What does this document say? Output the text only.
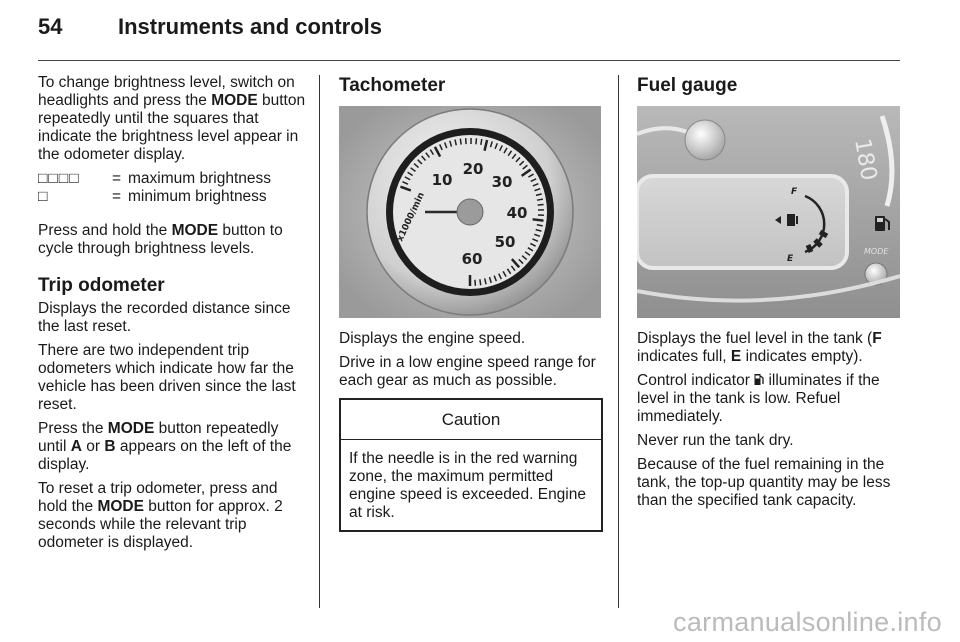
54	Instruments and controls

To change brightness level, switch on headlights and press the MODE button repeatedly until the squares that indicate the brightness level appear in the odometer display.

□□□□	= maximum brightness
□	= minimum brightness

Press and hold the MODE button to cycle through brightness levels.

Trip odometer

Displays the recorded distance since the last reset.

There are two independent trip odometers which indicate how far the vehicle has been driven since the last reset.

Press the MODE button repeatedly until A or B appears on the left of the display.

To reset a trip odometer, press and hold the MODE button for approx. 2 seconds while the relevant trip odometer is displayed.

Tachometer
10
20
30
40
50
60
x1000/min

Displays the engine speed.

Drive in a low engine speed range for each gear as much as possible.

Caution
If the needle is in the red warning zone, the maximum permitted engine speed is exceeded. Engine at risk.
Fuel gauge
F
E
180
MODE

Displays the fuel level in the tank (F indicates full, E indicates empty).

Control indicator  illuminates if the level in the tank is low. Refuel immediately.

Never run the tank dry.

Because of the fuel remaining in the tank, the top-up quantity may be less than the specified tank capacity.

carmanualsonline.info
